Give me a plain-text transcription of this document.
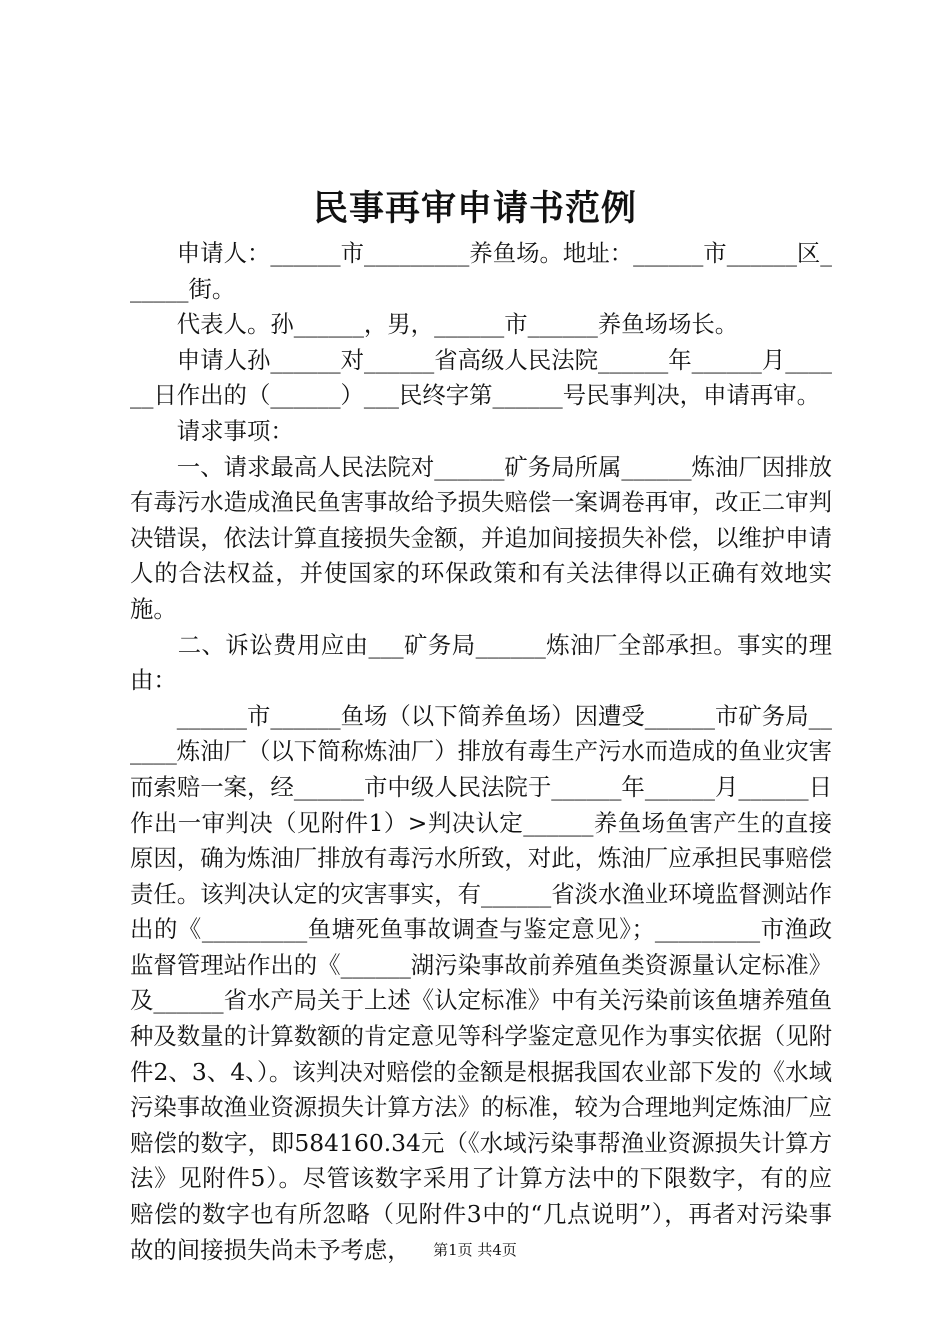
民事再审申请书范例

　　申请人：______市_________养鱼场。地址：______市______区______街。

　　代表人。孙______，男，______市______养鱼场场长。

　　申请人孙______对______省高级人民法院______年______月______日作出的（______）___民终字第______号民事判决，申请再审。

　　请求事项：

　　一、请求最高人民法院对______矿务局所属______炼油厂因排放有毒污水造成渔民鱼害事故给予损失赔偿一案调卷再审，改正二审判决错误，依法计算直接损失金额，并追加间接损失补偿，以维护申请人的合法权益，并使国家的环保政策和有关法律得以正确有效地实施。

　　二、诉讼费用应由___矿务局______炼油厂全部承担。事实的理由：

　　______市______鱼场（以下简养鱼场）因遭受______市矿务局______炼油厂（以下简称炼油厂）排放有毒生产污水而造成的鱼业灾害而索赔一案，经______市中级人民法院于______年______月______日作出一审判决（见附件1）>判决认定______养鱼场鱼害产生的直接原因，确为炼油厂排放有毒污水所致，对此，炼油厂应承担民事赔偿责任。该判决认定的灾害事实，有______省淡水渔业环境监督测站作出的《_________鱼塘死鱼事故调查与鉴定意见》；_________市渔政监督管理站作出的《______湖污染事故前养殖鱼类资源量认定标准》及______省水产局关于上述《认定标准》中有关污染前该鱼塘养殖鱼种及数量的计算数额的肯定意见等科学鉴定意见作为事实依据（见附件2、3、4、）。该判决对赔偿的金额是根据我国农业部下发的《水域污染事故渔业资源损失计算方法》的标准，较为合理地判定炼油厂应赔偿的数字，即584160.34元（《水域污染事帮渔业资源损失计算方法》见附件5）。尽管该数字采用了计算方法中的下限数字，有的应赔偿的数字也有所忽略（见附件3中的“几点说明”），再者对污染事故的间接损失尚未予考虑，	第1页 共4页
